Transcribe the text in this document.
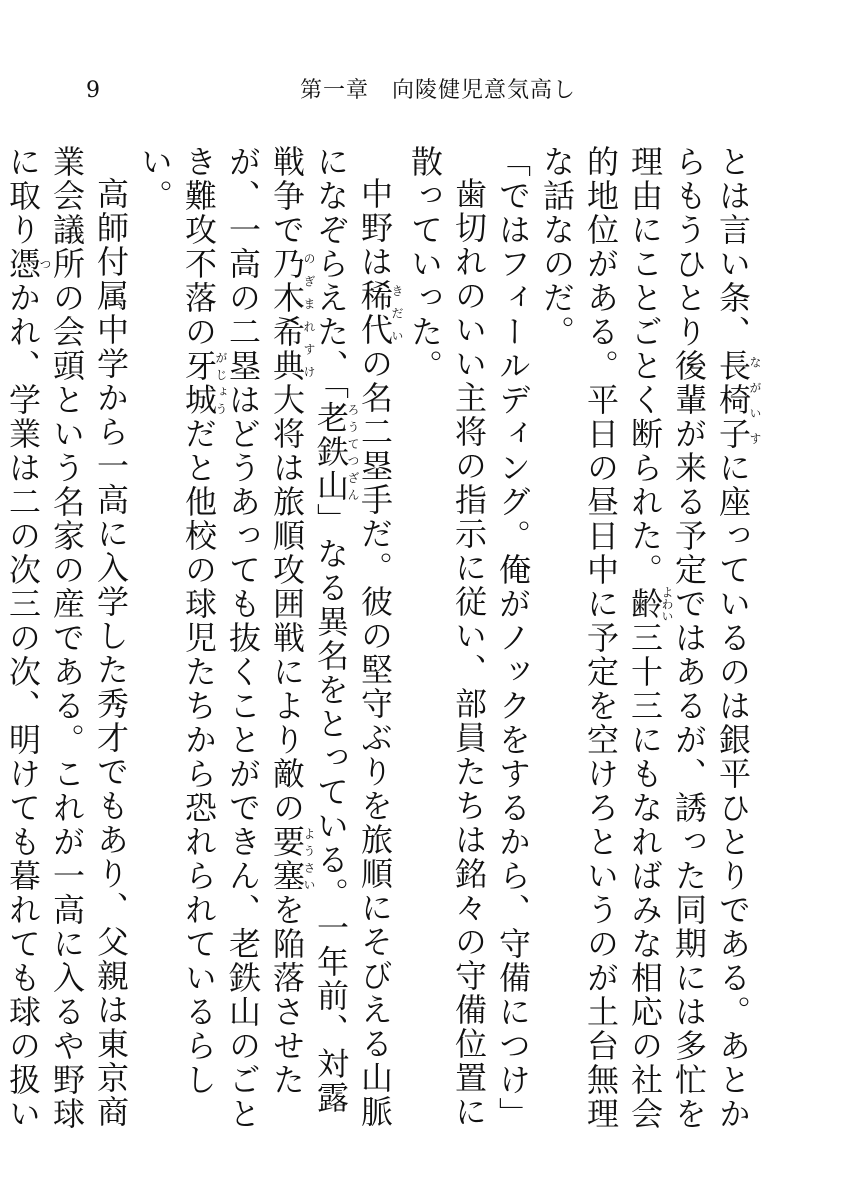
9	第一章　向陵健児意気高し

とは言い条、長椅子ながいすに座っているのは銀平ひとりである。あとからもうひとり後輩が来る予定ではあるが、誘った同期には多忙を理由にことごとく断られた。齢よわい三十三にもなればみな相応の社会的地位がある。平日の昼日中に予定を空けろというのが土台無理な話なのだ。

「ではフィールディング。俺がノックをするから、守備につけ」

歯切れのいい主将の指示に従い、部員たちは銘々の守備位置に散っていった。

中野は稀代きだいの名二塁手だ。彼の堅守ぶりを旅順にそびえる山脈になぞらえた、「老鉄山ろうてつざん」なる異名をとっている。一年前、対露戦争で乃木希典のぎまれすけ大将は旅順攻囲戦により敵の要塞ようさいを陥落させたが、一高の二塁はどうあっても抜くことができん、老鉄山のごとき難攻不落の牙城がじょうだと他校の球児たちから恐れられているらしい。

高師付属中学から一高に入学した秀才でもあり、父親は東京商業会議所の会頭という名家の産である。これが一高に入るや野球に取り憑つかれ、学業は二の次三の次、明けても暮れても球の扱い
